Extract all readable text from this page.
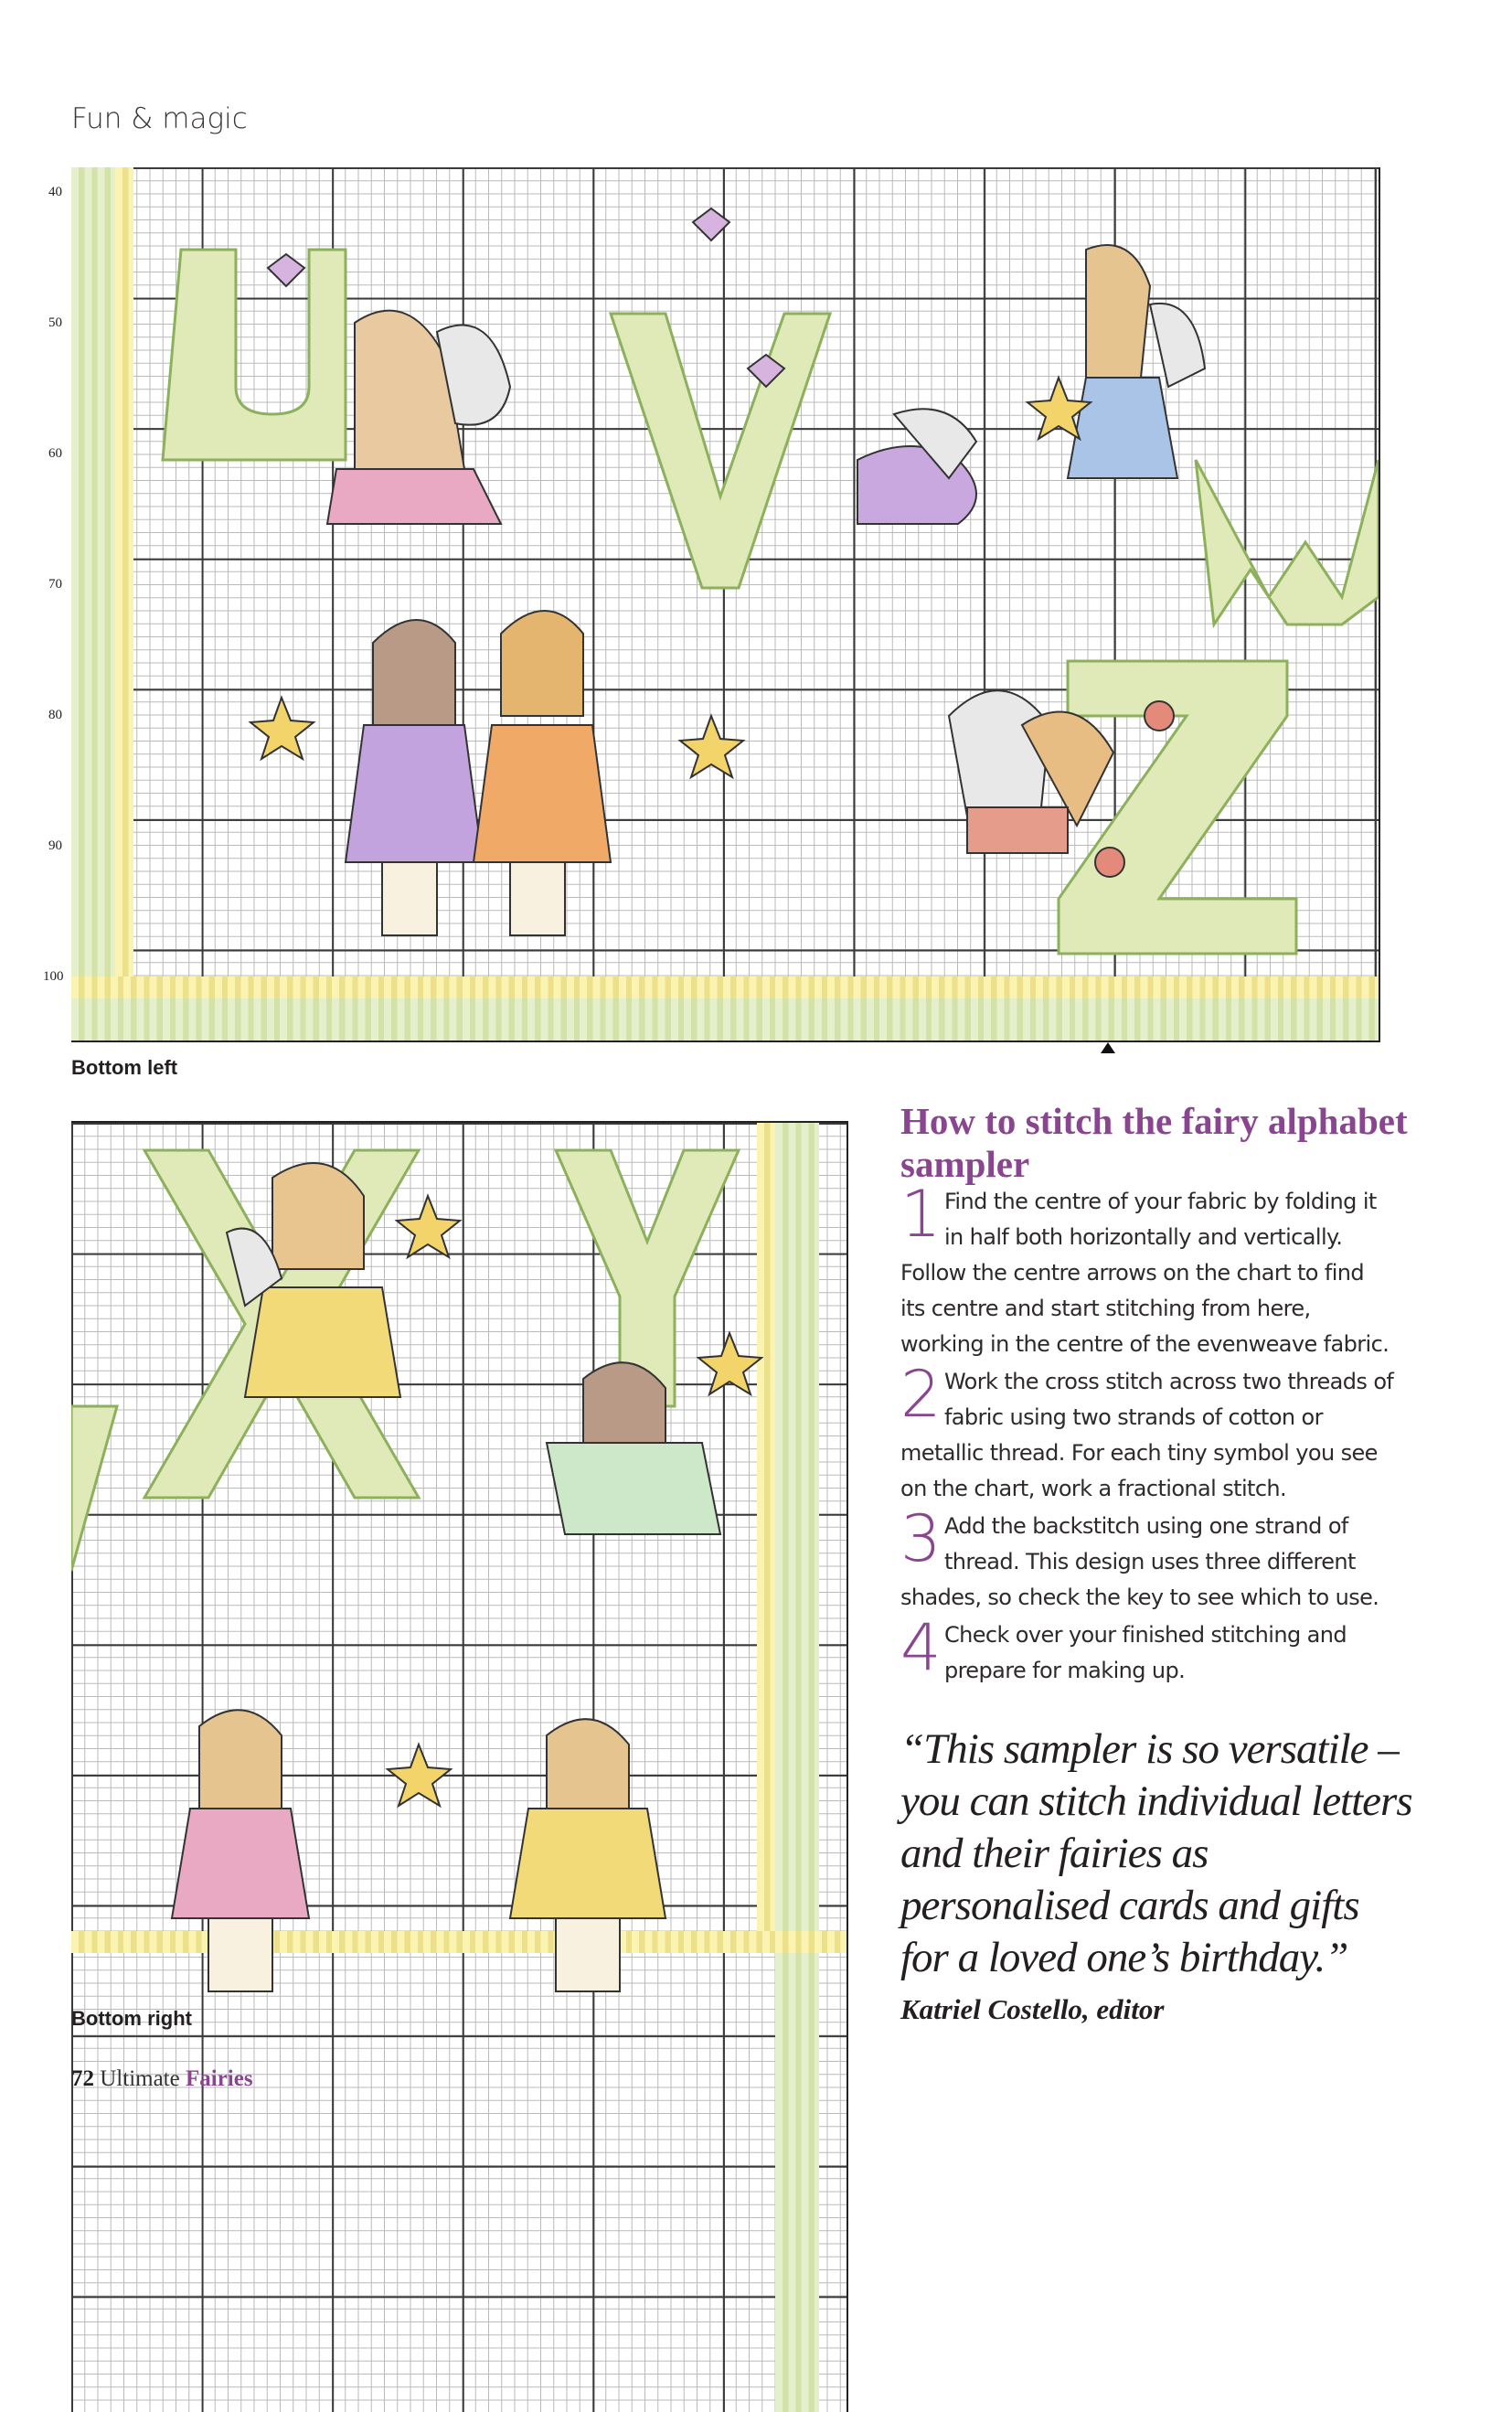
Fun & magic
40
50
60
70
80
90
100
Bottom left
Bottom right
How to stitch the fairy alphabet sampler

1 Find the centre of your fabric by folding it in half both horizontally and vertically. Follow the centre arrows on the chart to find its centre and start stitching from here, working in the centre of the evenweave fabric.

2 Work the cross stitch across two threads of fabric using two strands of cotton or metallic thread. For each tiny symbol you see on the chart, work a fractional stitch.

3 Add the backstitch using one strand of thread. This design uses three different shades, so check the key to see which to use.

4 Check over your finished stitching and prepare for making up.

“This sampler is so versatile – you can stitch individual letters and their fairies as personalised cards and gifts for a loved one’s birthday.”

Katriel Costello, editor
72 Ultimate Fairies
